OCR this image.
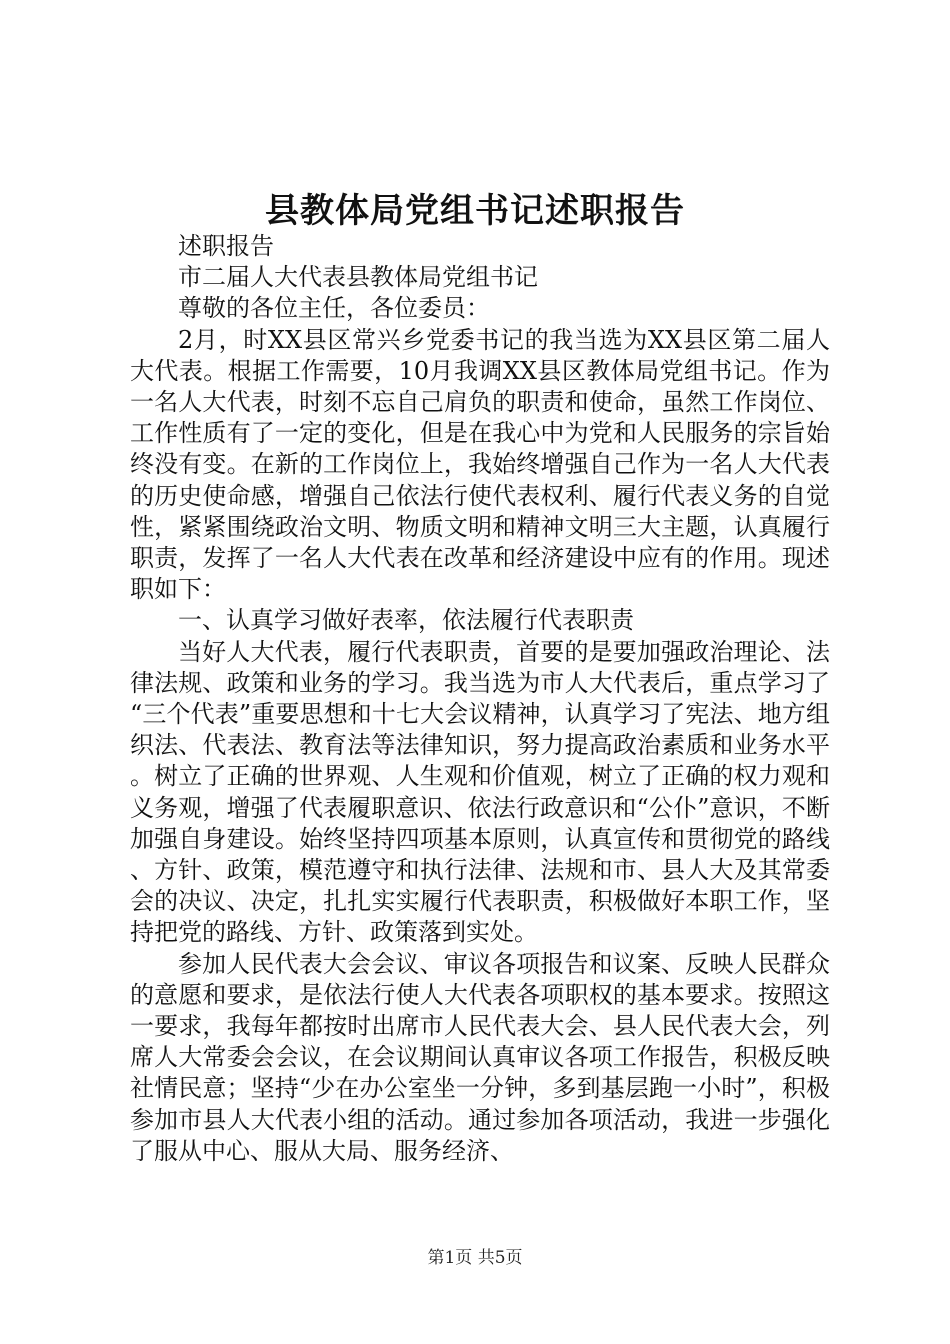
县教体局党组书记述职报告

述职报告

市二届人大代表县教体局党组书记

尊敬的各位主任，各位委员：

2月，时XX县区常兴乡党委书记的我当选为XX县区第二届人大代表。根据工作需要，10月我调XX县区教体局党组书记。作为一名人大代表，时刻不忘自己肩负的职责和使命，虽然工作岗位、工作性质有了一定的变化，但是在我心中为党和人民服务的宗旨始终没有变。在新的工作岗位上，我始终增强自己作为一名人大代表的历史使命感，增强自己依法行使代表权利、履行代表义务的自觉性，紧紧围绕政治文明、物质文明和精神文明三大主题，认真履行职责，发挥了一名人大代表在改革和经济建设中应有的作用。现述职如下：

一、认真学习做好表率，依法履行代表职责

当好人大代表，履行代表职责，首要的是要加强政治理论、法律法规、政策和业务的学习。我当选为市人大代表后，重点学习了“三个代表”重要思想和十七大会议精神，认真学习了宪法、地方组织法、代表法、教育法等法律知识，努力提高政治素质和业务水平。树立了正确的世界观、人生观和价值观，树立了正确的权力观和义务观，增强了代表履职意识、依法行政意识和“公仆”意识，不断加强自身建设。始终坚持四项基本原则，认真宣传和贯彻党的路线、方针、政策，模范遵守和执行法律、法规和市、县人大及其常委会的决议、决定，扎扎实实履行代表职责，积极做好本职工作，坚持把党的路线、方针、政策落到实处。

参加人民代表大会会议、审议各项报告和议案、反映人民群众的意愿和要求，是依法行使人大代表各项职权的基本要求。按照这一要求，我每年都按时出席市人民代表大会、县人民代表大会，列席人大常委会会议，在会议期间认真审议各项工作报告，积极反映社情民意；坚持“少在办公室坐一分钟，多到基层跑一小时”，积极参加市县人大代表小组的活动。通过参加各项活动，我进一步强化了服从中心、服从大局、服务经济、

第1页 共5页
